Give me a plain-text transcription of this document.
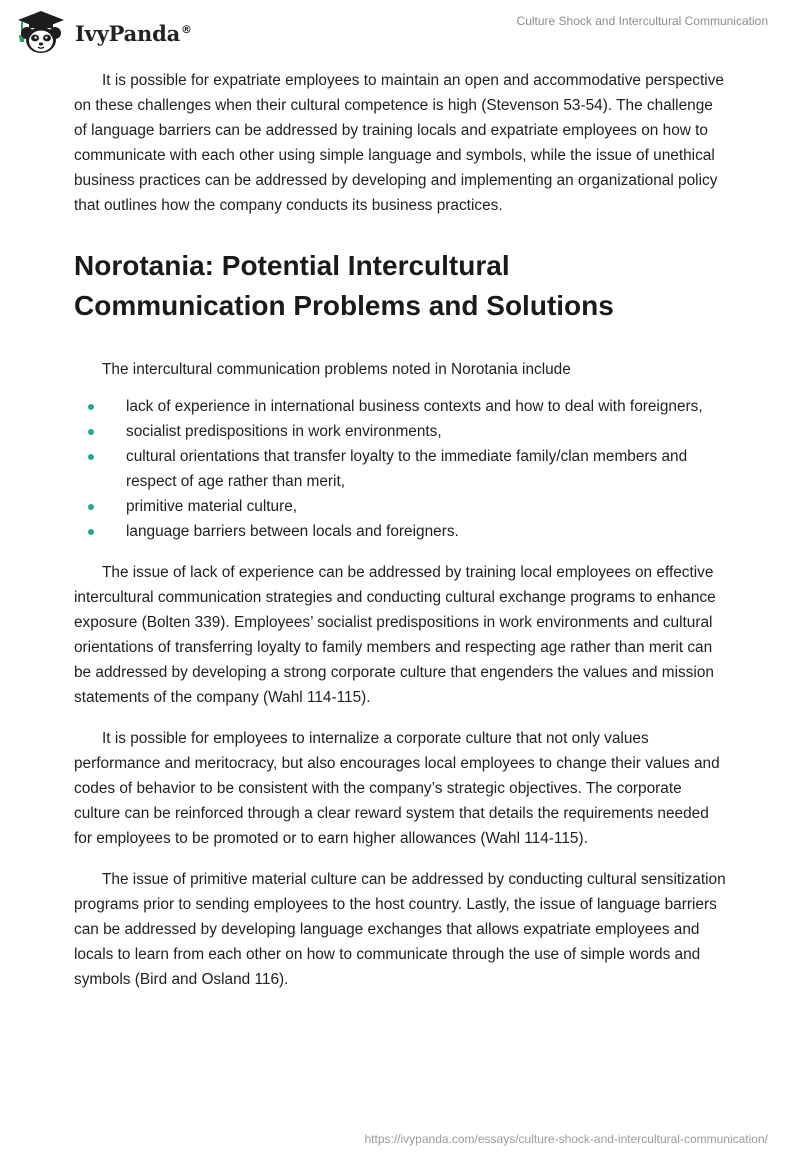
IvyPanda®
Culture Shock and Intercultural Communication

It is possible for expatriate employees to maintain an open and accommodative perspective on these challenges when their cultural competence is high (Stevenson 53-54). The challenge of language barriers can be addressed by training locals and expatriate employees on how to communicate with each other using simple language and symbols, while the issue of unethical business practices can be addressed by developing and implementing an organizational policy that outlines how the company conducts its business practices.

Norotania: Potential Intercultural Communication Problems and Solutions

The intercultural communication problems noted in Norotania include

lack of experience in international business contexts and how to deal with foreigners,
socialist predispositions in work environments,
cultural orientations that transfer loyalty to the immediate family/clan members and respect of age rather than merit,
primitive material culture,
language barriers between locals and foreigners.

The issue of lack of experience can be addressed by training local employees on effective intercultural communication strategies and conducting cultural exchange programs to enhance exposure (Bolten 339). Employees’ socialist predispositions in work environments and cultural orientations of transferring loyalty to family members and respecting age rather than merit can be addressed by developing a strong corporate culture that engenders the values and mission statements of the company (Wahl 114-115).

It is possible for employees to internalize a corporate culture that not only values performance and meritocracy, but also encourages local employees to change their values and codes of behavior to be consistent with the company’s strategic objectives. The corporate culture can be reinforced through a clear reward system that details the requirements needed for employees to be promoted or to earn higher allowances (Wahl 114-115).

The issue of primitive material culture can be addressed by conducting cultural sensitization programs prior to sending employees to the host country. Lastly, the issue of language barriers can be addressed by developing language exchanges that allows expatriate employees and locals to learn from each other on how to communicate through the use of simple words and symbols (Bird and Osland 116).

https://ivypanda.com/essays/culture-shock-and-intercultural-communication/
